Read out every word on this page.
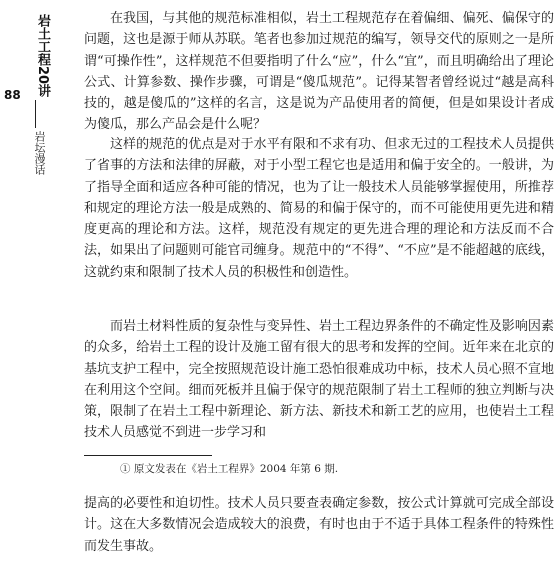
岩土工程20讲
88
岩坛漫话

在我国，与其他的规范标准相似，岩土工程规范存在着偏细、偏死、偏保守的问题，这也是源于师从苏联。笔者也参加过规范的编写，领导交代的原则之一是所谓“可操作性”，这样规范不但要指明了什么“应”，什么“宜”，而且明确给出了理论公式、计算参数、操作步骤，可谓是“傻瓜规范”。记得某智者曾经说过“越是高科技的，越是傻瓜的”这样的名言，这是说为产品使用者的简便，但是如果设计者成为傻瓜，那么产品会是什么呢？

这样的规范的优点是对于水平有限和不求有功、但求无过的工程技术人员提供了省事的方法和法律的屏蔽，对于小型工程它也是适用和偏于安全的。一般讲，为了指导全面和适应各种可能的情况，也为了让一般技术人员能够掌握使用，所推荐和规定的理论方法一般是成熟的、简易的和偏于保守的，而不可能使用更先进和精度更高的理论和方法。这样，规范没有规定的更先进合理的理论和方法反而不合法，如果出了问题则可能官司缠身。规范中的“不得”、“不应”是不能超越的底线，这就约束和限制了技术人员的积极性和创造性。

而岩土材料性质的复杂性与变异性、岩土工程边界条件的不确定性及影响因素的众多，给岩土工程的设计及施工留有很大的思考和发挥的空间。近年来在北京的基坑支护工程中，完全按照规范设计施工恐怕很难成功中标，技术人员心照不宣地在利用这个空间。细而死板并且偏于保守的规范限制了岩土工程师的独立判断与决策，限制了在岩土工程中新理论、新方法、新技术和新工艺的应用，也使岩土工程技术人员感觉不到进一步学习和

提高的必要性和迫切性。技术人员只要查表确定参数，按公式计算就可完成全部设计。这在大多数情况会造成较大的浪费，有时也由于不适于具体工程条件的特殊性而发生事故。

① 原文发表在《岩土工程界》2004 年第 6 期.
